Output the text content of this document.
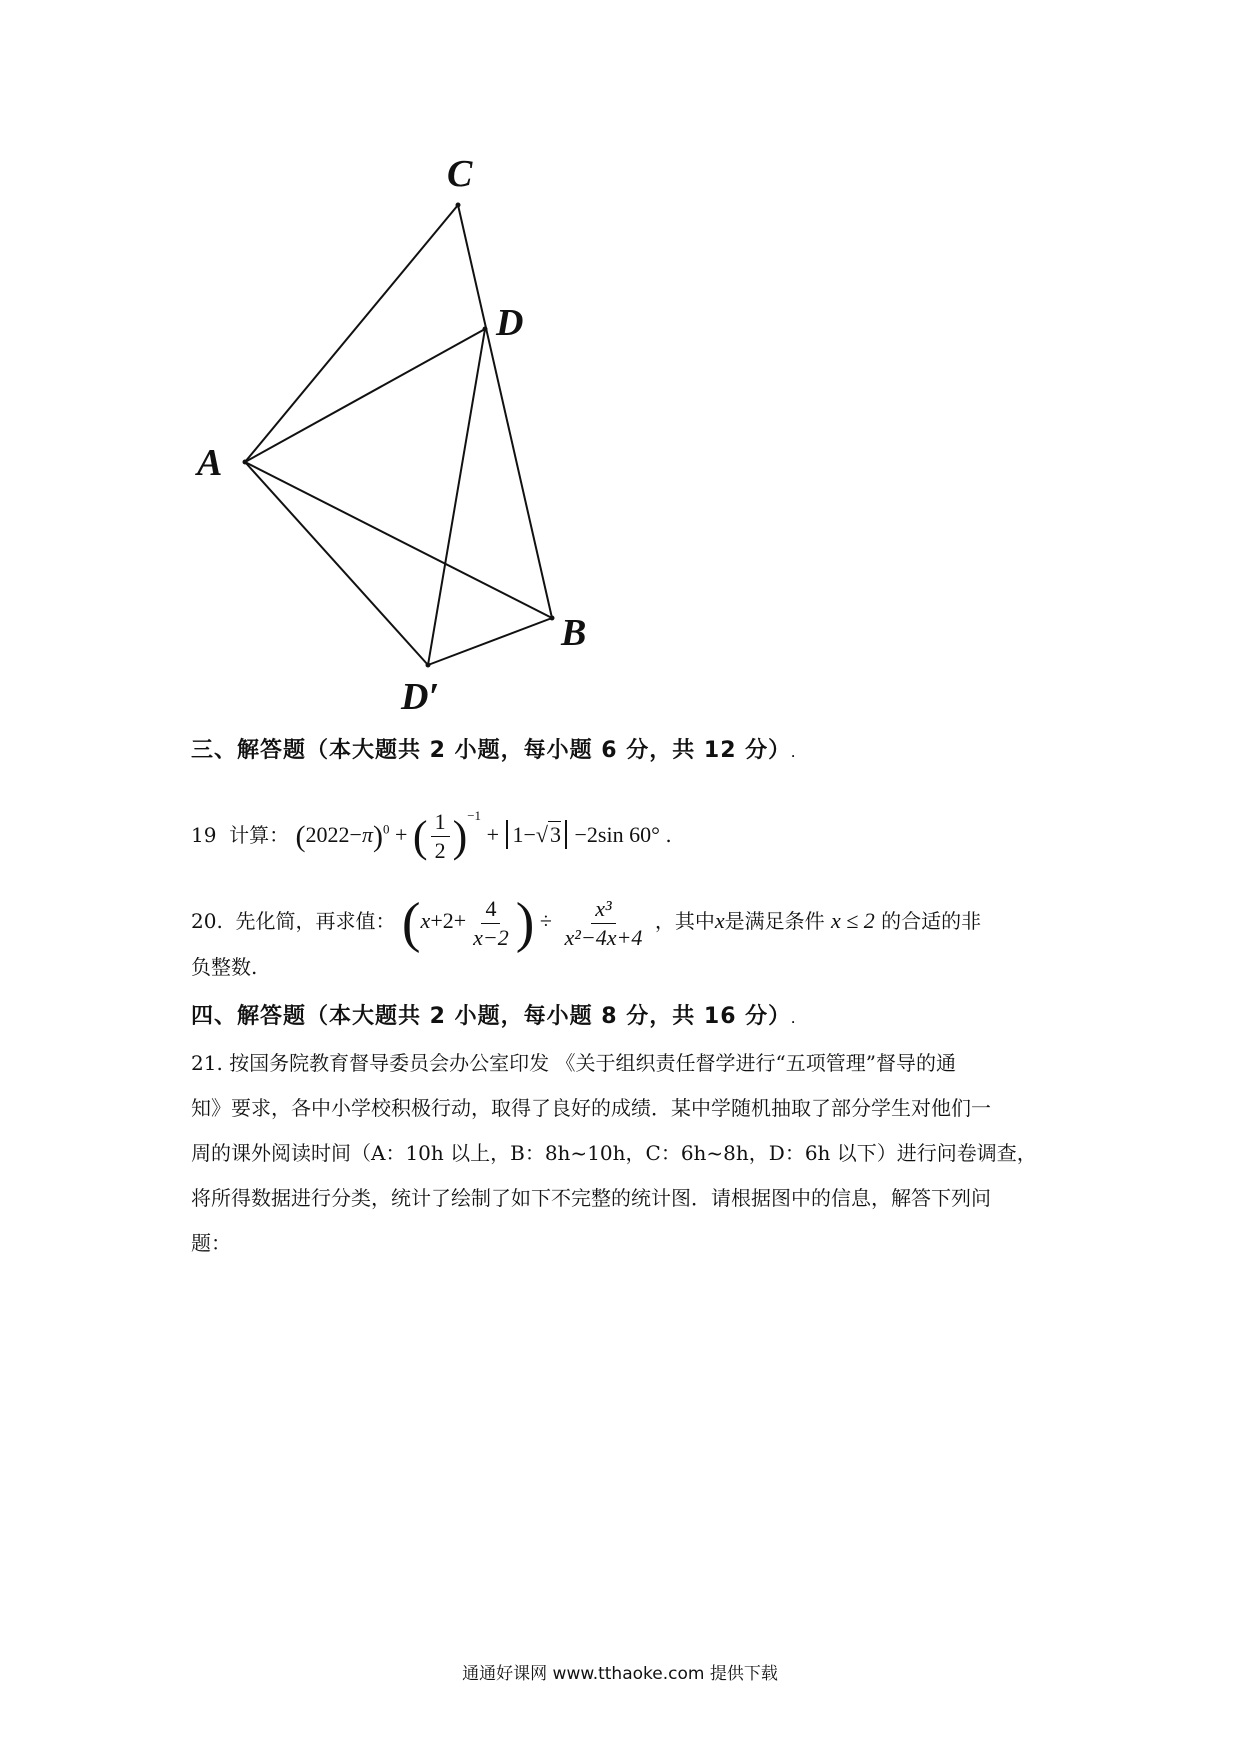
C
D
A
B
D′
三、解答题（本大题共 2 小题，每小题 6 分，共 12 分）.
19 计算： $(2022-\pi)^0$ + ( $\frac{1}{2} )^{-1} + 1-√3 -2\sin$ 60° .
20. 先化简，再求值： ($x+2+ \frac{4}{x-2}$ ) ÷ $\frac{\text{x³}}{\text{x²−4x+4}}$ ，其中x是满足条件 x ≤ 2 的合适的非
负整数.
四、解答题（本大题共 2 小题，每小题 8 分，共 16 分）.
21. 按国务院教育督导委员会办公室印发 《关于组织责任督学进行“五项管理”督导的通
知》要求，各中小学校积极行动，取得了良好的成绩．某中学随机抽取了部分学生对他们一
周的课外阅读时间（A：10h 以上，B：8h~10h，C：6h~8h，D：6h 以下）进行问卷调查，
将所得数据进行分类，统计了绘制了如下不完整的统计图．请根据图中的信息，解答下列问
题：
通通好课网 www.tthaoke.com 提供下载
